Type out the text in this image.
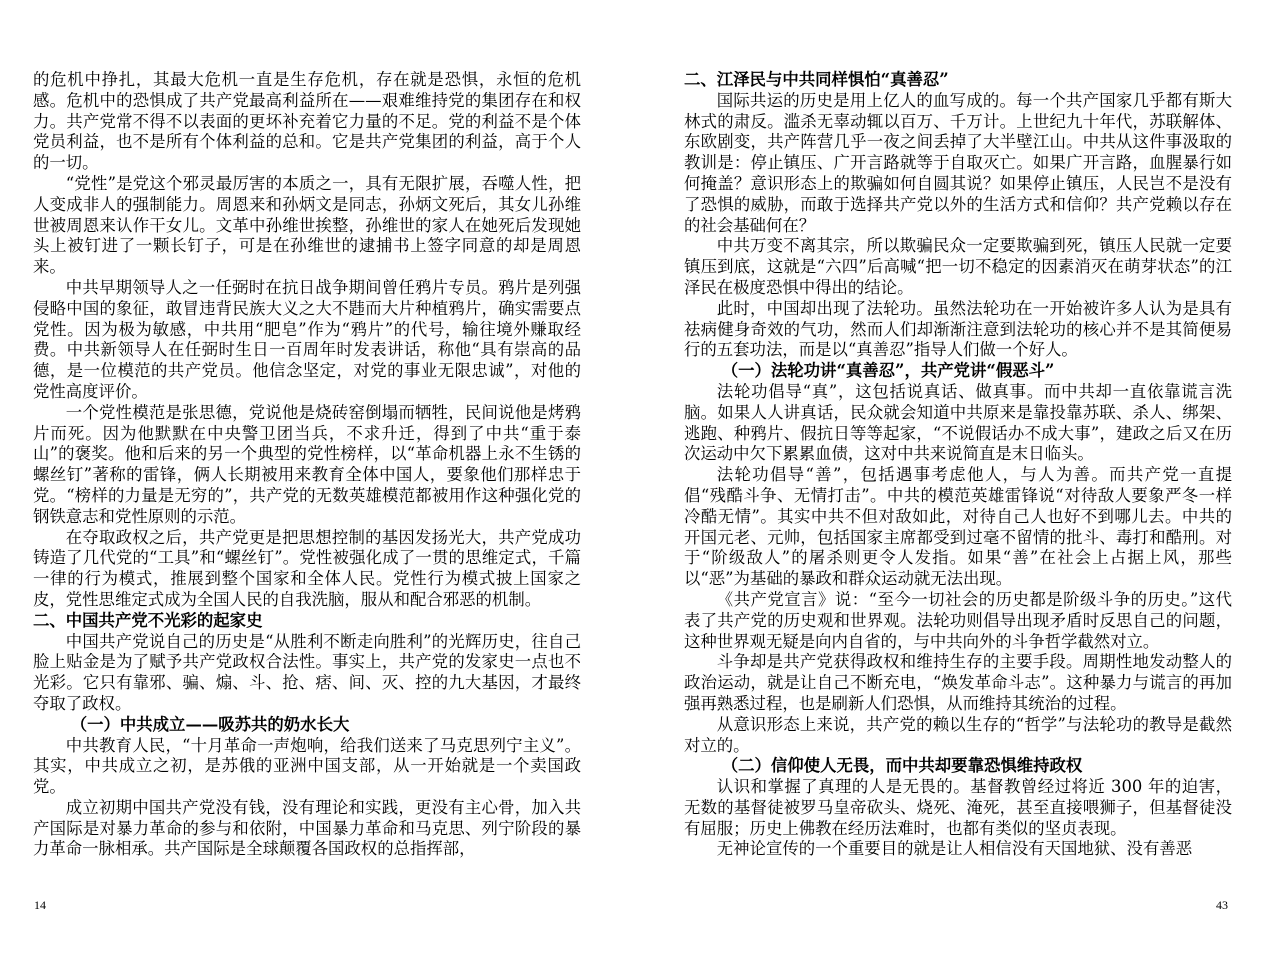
的危机中挣扎，其最大危机一直是生存危机，存在就是恐惧，永恒的危机感。危机中的恐惧成了共产党最高利益所在——艰难维持党的集团存在和权力。共产党常不得不以表面的更坏补充着它力量的不足。党的利益不是个体党员利益，也不是所有个体利益的总和。它是共产党集团的利益，高于个人的一切。

“党性”是党这个邪灵最厉害的本质之一，具有无限扩展，吞噬人性，把人变成非人的强制能力。周恩来和孙炳文是同志，孙炳文死后，其女儿孙维世被周恩来认作干女儿。文革中孙维世挨整，孙维世的家人在她死后发现她头上被钉进了一颗长钉子，可是在孙维世的逮捕书上签字同意的却是周恩来。

中共早期领导人之一任弼时在抗日战争期间曾任鸦片专员。鸦片是列强侵略中国的象征，敢冒违背民族大义之大不韪而大片种植鸦片，确实需要点党性。因为极为敏感，中共用“肥皂”作为“鸦片”的代号，输往境外赚取经费。中共新领导人在任弼时生日一百周年时发表讲话，称他“具有崇高的品德，是一位模范的共产党员。他信念坚定，对党的事业无限忠诚”，对他的党性高度评价。

一个党性模范是张思德，党说他是烧砖窑倒塌而牺牲，民间说他是烤鸦片而死。因为他默默在中央警卫团当兵，不求升迁，得到了中共“重于泰山”的褒奖。他和后来的另一个典型的党性榜样，以“革命机器上永不生锈的螺丝钉”著称的雷锋，俩人长期被用来教育全体中国人，要象他们那样忠于党。“榜样的力量是无穷的”，共产党的无数英雄模范都被用作这种强化党的钢铁意志和党性原则的示范。

在夺取政权之后，共产党更是把思想控制的基因发扬光大，共产党成功铸造了几代党的“工具”和“螺丝钉”。党性被强化成了一贯的思维定式，千篇一律的行为模式，推展到整个国家和全体人民。党性行为模式披上国家之皮，党性思维定式成为全国人民的自我洗脑，服从和配合邪恶的机制。

二、中国共产党不光彩的起家史

中国共产党说自己的历史是“从胜利不断走向胜利”的光辉历史，往自己脸上贴金是为了赋予共产党政权合法性。事实上，共产党的发家史一点也不光彩。它只有靠邪、骗、煽、斗、抢、痞、间、灭、控的九大基因，才最终夺取了政权。

（一）中共成立——吸苏共的奶水长大

中共教育人民，“十月革命一声炮响，给我们送来了马克思列宁主义”。其实，中共成立之初，是苏俄的亚洲中国支部，从一开始就是一个卖国政党。

成立初期中国共产党没有钱，没有理论和实践，更没有主心骨，加入共产国际是对暴力革命的参与和依附，中国暴力革命和马克思、列宁阶段的暴力革命一脉相承。共产国际是全球颠覆各国政权的总指挥部，

二、江泽民与中共同样惧怕“真善忍”

国际共运的历史是用上亿人的血写成的。每一个共产国家几乎都有斯大林式的肃反。滥杀无辜动辄以百万、千万计。上世纪九十年代，苏联解体、东欧剧变，共产阵营几乎一夜之间丢掉了大半壁江山。中共从这件事汲取的教训是：停止镇压、广开言路就等于自取灭亡。如果广开言路，血腥暴行如何掩盖？意识形态上的欺骗如何自圆其说？如果停止镇压，人民岂不是没有了恐惧的威胁，而敢于选择共产党以外的生活方式和信仰？共产党赖以存在的社会基础何在？

中共万变不离其宗，所以欺骗民众一定要欺骗到死，镇压人民就一定要镇压到底，这就是“六四”后高喊“把一切不稳定的因素消灭在萌芽状态”的江泽民在极度恐惧中得出的结论。

此时，中国却出现了法轮功。虽然法轮功在一开始被许多人认为是具有祛病健身奇效的气功，然而人们却渐渐注意到法轮功的核心并不是其简便易行的五套功法，而是以“真善忍”指导人们做一个好人。

（一）法轮功讲“真善忍”，共产党讲“假恶斗”

法轮功倡导“真”，这包括说真话、做真事。而中共却一直依靠谎言洗脑。如果人人讲真话，民众就会知道中共原来是靠投靠苏联、杀人、绑架、逃跑、种鸦片、假抗日等等起家，“不说假话办不成大事”，建政之后又在历次运动中欠下累累血债，这对中共来说简直是末日临头。

法轮功倡导“善”，包括遇事考虑他人，与人为善。而共产党一直提倡“残酷斗争、无情打击”。中共的模范英雄雷锋说“对待敌人要象严冬一样冷酷无情”。其实中共不但对敌如此，对待自己人也好不到哪儿去。中共的开国元老、元帅，包括国家主席都受到过毫不留情的批斗、毒打和酷刑。对于“阶级敌人”的屠杀则更令人发指。如果“善”在社会上占据上风，那些以“恶”为基础的暴政和群众运动就无法出现。

《共产党宣言》说：“至今一切社会的历史都是阶级斗争的历史。”这代表了共产党的历史观和世界观。法轮功则倡导出现矛盾时反思自己的问题，这种世界观无疑是向内自省的，与中共向外的斗争哲学截然对立。

斗争却是共产党获得政权和维持生存的主要手段。周期性地发动整人的政治运动，就是让自己不断充电，“焕发革命斗志”。这种暴力与谎言的再加强再熟悉过程，也是刷新人们恐惧，从而维持其统治的过程。

从意识形态上来说，共产党的赖以生存的“哲学”与法轮功的教导是截然对立的。

（二）信仰使人无畏，而中共却要靠恐惧维持政权

认识和掌握了真理的人是无畏的。基督教曾经过将近 300 年的迫害，无数的基督徒被罗马皇帝砍头、烧死、淹死，甚至直接喂狮子，但基督徒没有屈服；历史上佛教在经历法难时，也都有类似的坚贞表现。

无神论宣传的一个重要目的就是让人相信没有天国地狱、没有善恶

14	43
